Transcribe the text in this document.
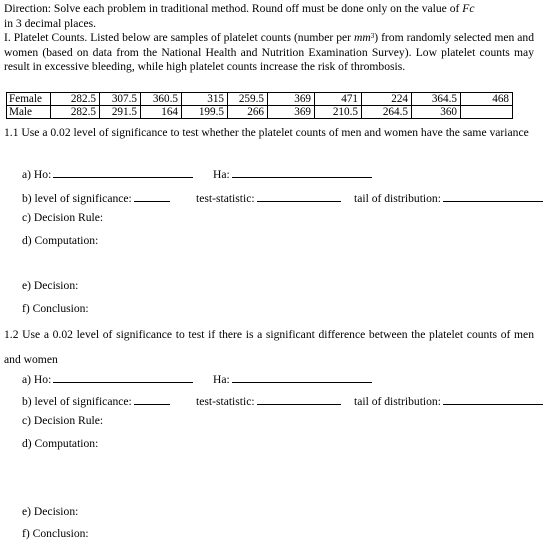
Direction: Solve each problem in traditional method. Round off must be done only on the value of Fc
in 3 decimal places.
I. Platelet Counts. Listed below are samples of platelet counts (number per $mm^3$) from randomly selected men and women (based on data from the National Health and Nutrition Examination Survey). Low platelet counts may result in excessive bleeding, while high platelet counts increase the risk of thrombosis.
Female	282.5	307.5	360.5	315	259.5	369	471	224	364.5	468
Male	282.5	291.5	164	199.5	266	369	210.5	264.5	360	
1.1 Use a 0.02 level of significance to test whether the platelet counts of men and women have the same variance
a) Ho:	Ha:
b) level of significance:	test-statistic:	tail of distribution:
c) Decision Rule:
d) Computation:
e) Decision:
f) Conclusion:
1.2 Use a 0.02 level of significance to test if there is a significant difference between the platelet counts of men and women
a) Ho:	Ha:
b) level of significance:	test-statistic:	tail of distribution:
c) Decision Rule:
d) Computation:
e) Decision:
f) Conclusion:
